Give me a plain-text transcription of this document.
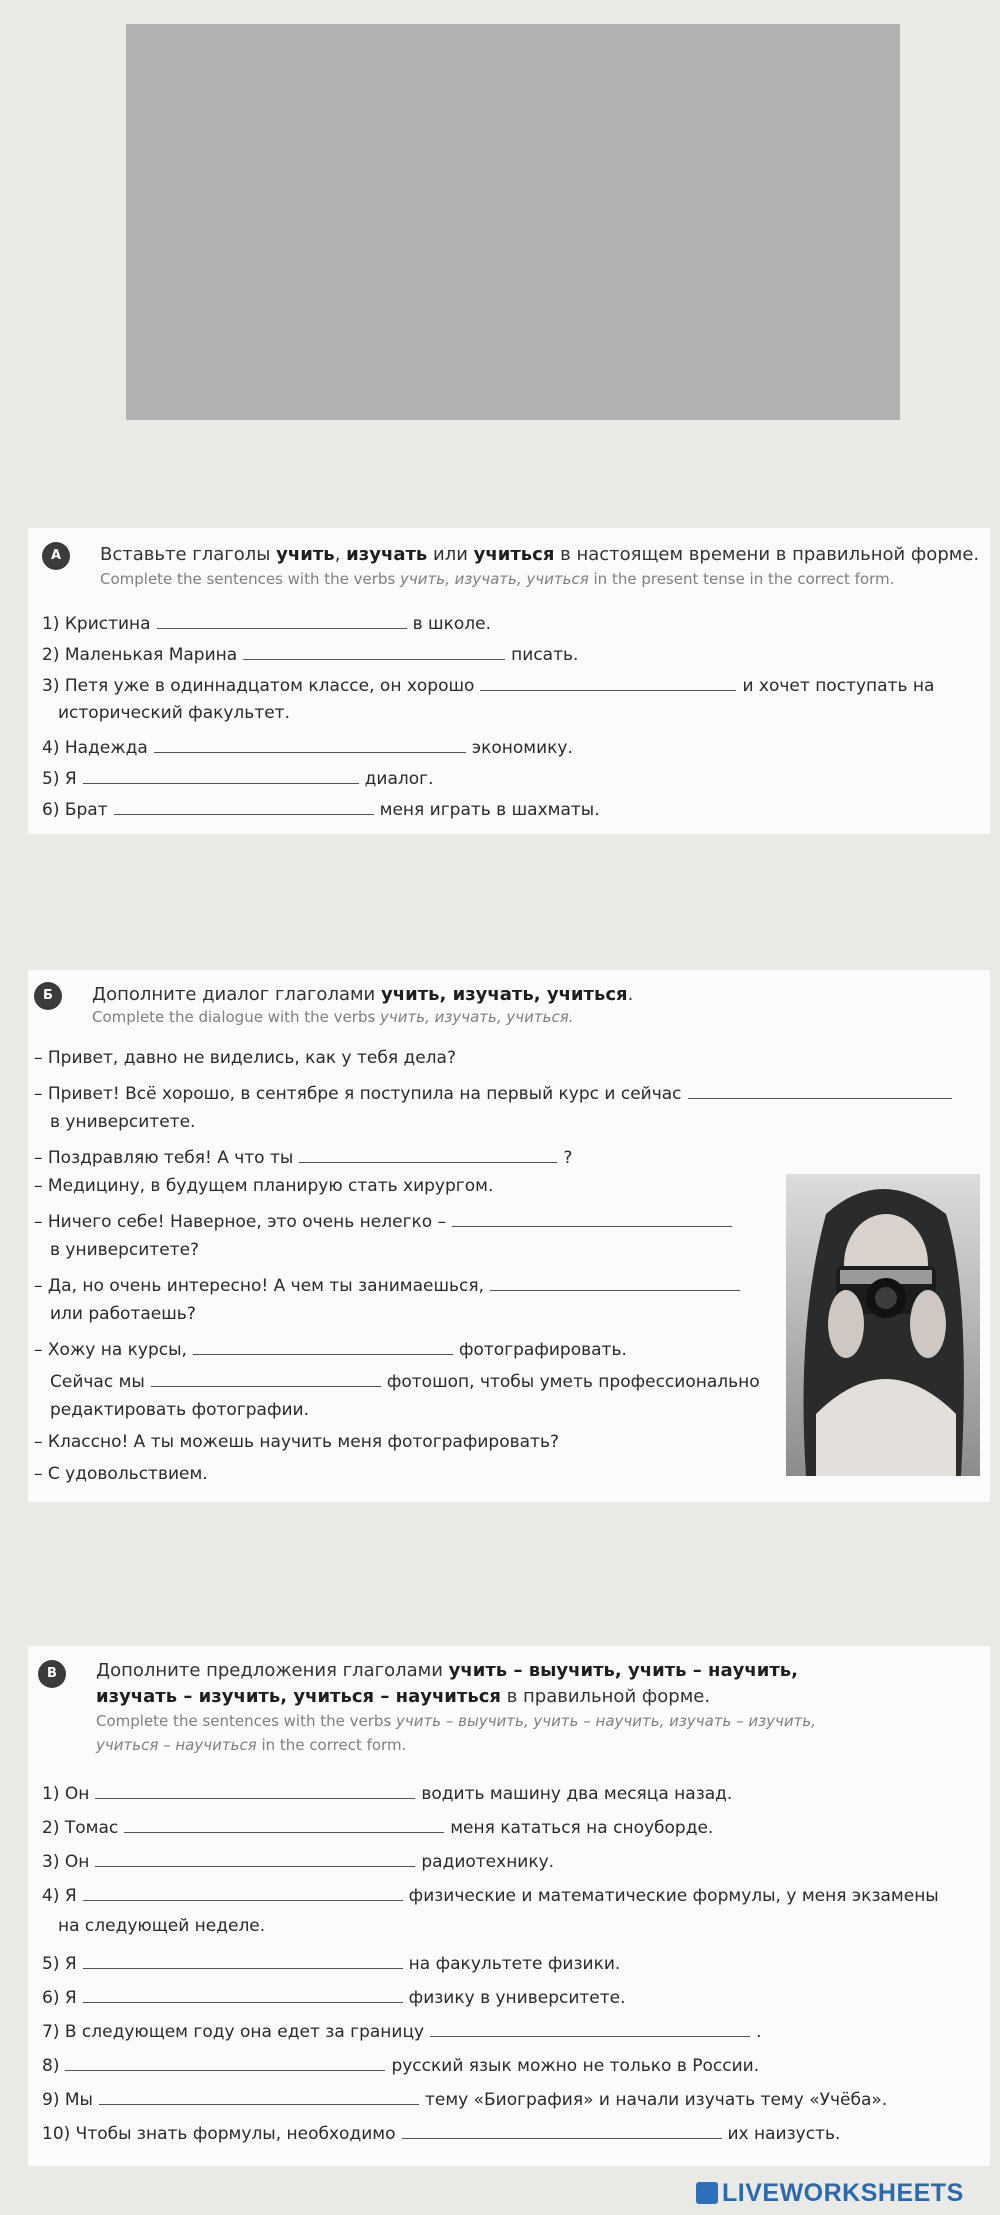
А	Вставьте глаголы учить, изучать или учиться в настоящем времени в правильной форме.
Complete the sentences with the verbs учить, изучать, учиться in the present tense in the correct form.
1) Кристина	в школе.
2) Маленькая Марина	писать.
3) Петя уже в одиннадцатом классе, он хорошо	и хочет поступать на
исторический факультет.
4) Надежда	экономику.
5) Я	диалог.
6) Брат	меня играть в шахматы.
Б	Дополните диалог глаголами учить, изучать, учиться.
Complete the dialogue with the verbs учить, изучать, учиться.
– Привет, давно не виделись, как у тебя дела?
– Привет! Всё хорошо, в сентябре я поступила на первый курс и сейчас
в университете.
– Поздравляю тебя! А что ты	?
– Медицину, в будущем планирую стать хирургом.
– Ничего себе! Наверное, это очень нелегко –
в университете?
– Да, но очень интересно! А чем ты занимаешься,
или работаешь?
– Хожу на курсы,	фотографировать.
Сейчас мы	фотошоп, чтобы уметь профессионально
редактировать фотографии.
– Классно! А ты можешь научить меня фотографировать?
– С удовольствием.
В	Дополните предложения глаголами учить – выучить, учить – научить,
изучать – изучить, учиться – научиться в правильной форме.
Complete the sentences with the verbs учить – выучить, учить – научить, изучать – изучить,
учиться – научиться in the correct form.
1) Он	водить машину два месяца назад.
2) Томас	меня кататься на сноуборде.
3) Он	радиотехнику.
4) Я	физические и математические формулы, у меня экзамены
на следующей неделе.
5) Я	на факультете физики.
6) Я	физику в университете.
7) В следующем году она едет за границу	.
8)	русский язык можно не только в России.
9) Мы	тему «Биография» и начали изучать тему «Учёба».
10) Чтобы знать формулы, необходимо	их наизусть.
LIVEWORKSHEETS
